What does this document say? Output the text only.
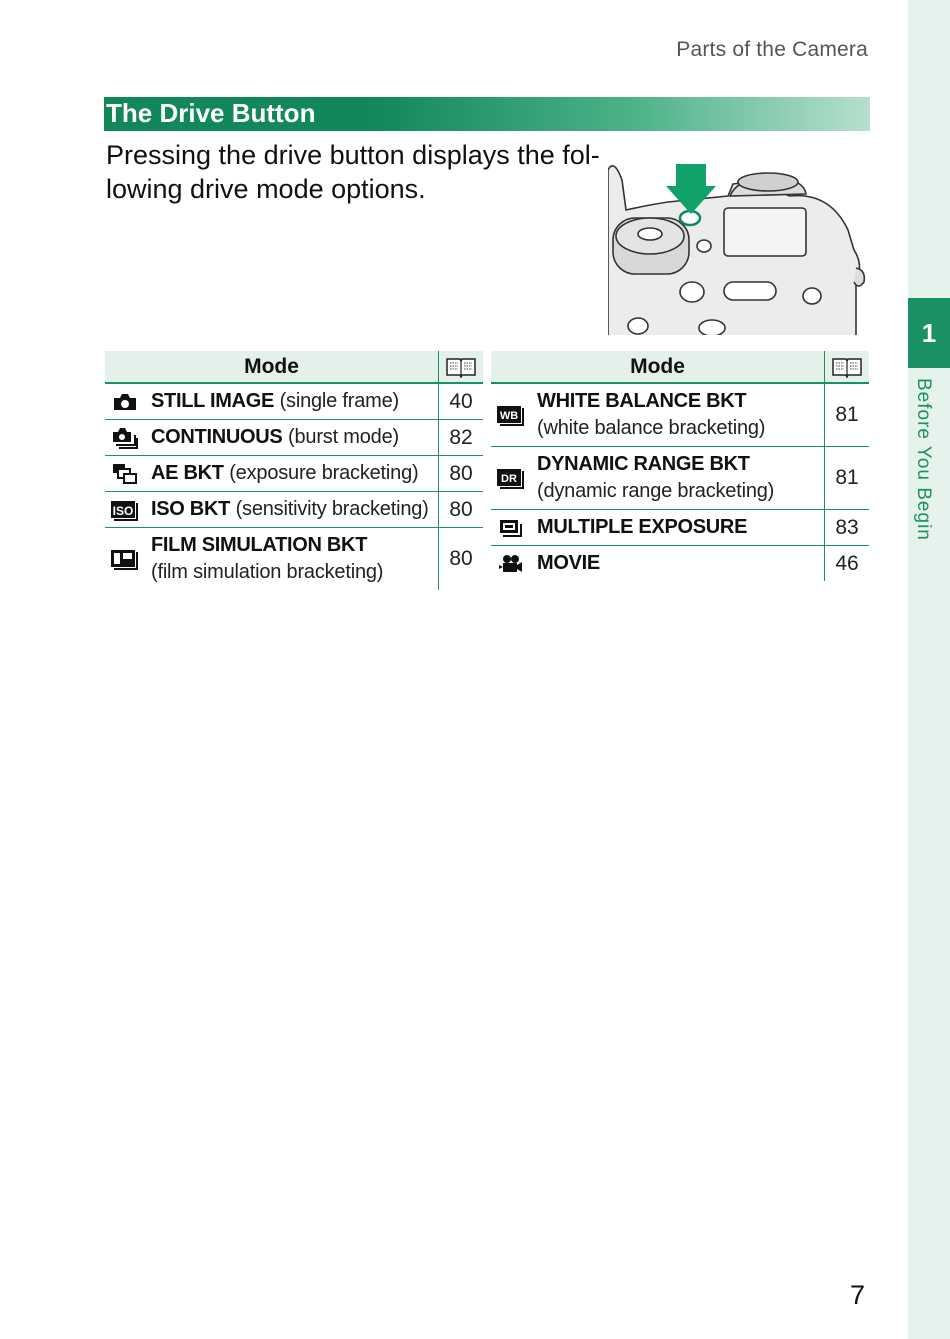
Parts of the Camera
1
Before You Begin
The Drive Button
Pressing the drive button displays the fol-lowing drive mode options.
Mode	
	STILL IMAGE (single frame)	40
	CONTINUOUS (burst mode)	82
	AE BKT (exposure bracketing)	80

ISO	ISO BKT (sensitivity bracketing)	80

FILM SIMULATION BKT
(film simulation bracketing)	80
Mode	

WB	WHITE BALANCE BKT
(white balance bracketing)	81

DR	DYNAMIC RANGE BKT
(dynamic range bracketing)	81
	MULTIPLE EXPOSURE	83
	MOVIE	46
7
